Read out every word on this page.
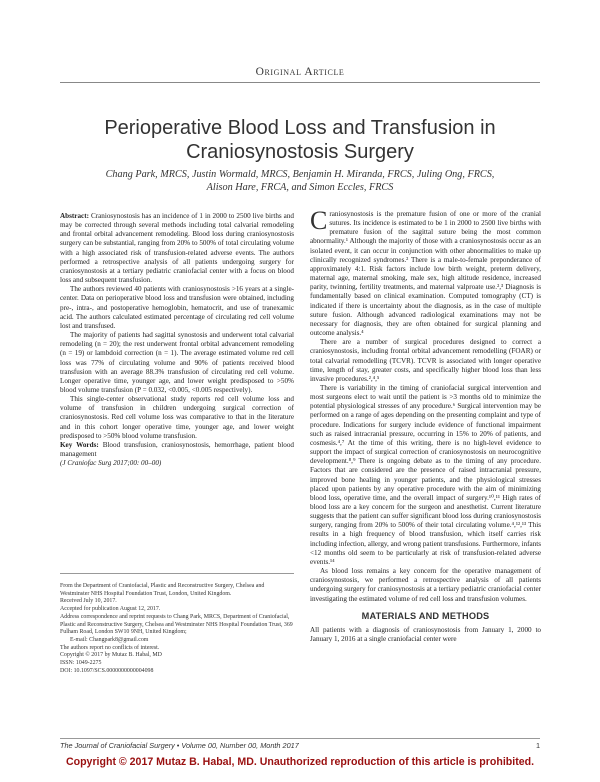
Original Article
Perioperative Blood Loss and Transfusion in
Craniosynostosis Surgery
Chang Park, MRCS, Justin Wormald, MRCS, Benjamin H. Miranda, FRCS, Juling Ong, FRCS,
Alison Hare, FRCA, and Simon Eccles, FRCS

Abstract: Craniosynostosis has an incidence of 1 in 2000 to 2500 live births and may be corrected through several methods including total calvarial remodeling and frontal orbital advancement remodeling. Blood loss during craniosynostosis surgery can be substantial, ranging from 20% to 500% of total circulating volume with a high associated risk of transfusion-related adverse events. The authors performed a retrospective analysis of all patients undergoing surgery for craniosynostosis at a tertiary pediatric craniofacial center with a focus on blood loss and subsequent transfusion.

The authors reviewed 40 patients with craniosynostosis >16 years at a single-center. Data on perioperative blood loss and transfusion were obtained, including pre-, intra-, and postoperative hemoglobin, hematocrit, and use of tranexamic acid. The authors calculated estimated percentage of circulating red cell volume lost and transfused.

The majority of patients had sagittal synostosis and underwent total calvarial remodeling (n = 20); the rest underwent frontal orbital advancement remodeling (n = 19) or lambdoid correction (n = 1). The average estimated volume red cell loss was 77% of circulating volume and 90% of patients received blood transfusion with an average 88.3% transfusion of circulating red cell volume. Longer operative time, younger age, and lower weight predisposed to >50% blood volume transfusion (P = 0.032, <0.005, <0.005 respectively).

This single-center observational study reports red cell volume loss and volume of transfusion in children undergoing surgical correction of craniosynostosis. Red cell volume loss was comparative to that in the literature and in this cohort longer operative time, younger age, and lower weight predisposed to >50% blood volume transfusion.

Key Words: Blood transfusion, craniosynostosis, hemorrhage, patient blood management

(J Craniofac Surg 2017;00: 00–00)

From the Department of Craniofacial, Plastic and Reconstructive Surgery, Chelsea and Westminster NHS Hospital Foundation Trust, London, United Kingdom.

Received July 10, 2017.

Accepted for publication August 12, 2017.

Address correspondence and reprint requests to Chang Park, MRCS, Department of Craniofacial, Plastic and Reconstructive Surgery, Chelsea and Westminster NHS Hospital Foundation Trust, 369 Fulham Road, London SW10 9NH, United Kingdom;

E-mail: Changpark8@gmail.com

The authors report no conflicts of interest.

Copyright © 2017 by Mutaz B. Habal, MD

ISSN: 1049-2275

DOI: 10.1097/SCS.0000000000004098

C raniosynostosis is the premature fusion of one or more of the cranial sutures. Its incidence is estimated to be 1 in 2000 to 2500 live births with premature fusion of the sagittal suture being the most common abnormality.¹ Although the majority of those with a craniosynostosis occur as an isolated event, it can occur in conjunction with other abnormalities to make up clinically recognized syndromes.² There is a male-to-female preponderance of approximately 4:1. Risk factors include low birth weight, preterm delivery, maternal age, maternal smoking, male sex, high altitude residence, increased parity, twinning, fertility treatments, and maternal valproate use.²,³ Diagnosis is fundamentally based on clinical examination. Computed tomography (CT) is indicated if there is uncertainty about the diagnosis, as in the case of multiple suture fusion. Although advanced radiological examinations may not be necessary for diagnosis, they are often obtained for surgical planning and outcome analysis.⁴

There are a number of surgical procedures designed to correct a craniosynostosis, including frontal orbital advancement remodelling (FOAR) or total calvarial remodelling (TCVR). TCVR is associated with longer operative time, length of stay, greater costs, and specifically higher blood loss than less invasive procedures.²,⁴,⁵

There is variability in the timing of craniofacial surgical intervention and most surgeons elect to wait until the patient is >3 months old to minimize the potential physiological stresses of any procedure.⁶ Surgical intervention may be performed on a range of ages depending on the presenting complaint and type of procedure. Indications for surgery include evidence of functional impairment such as raised intracranial pressure, occurring in 15% to 20% of patients, and cosmesis.⁴,⁷ At the time of this writing, there is no high-level evidence to support the impact of surgical correction of craniosynostosis on neurocognitive development.⁸,⁹ There is ongoing debate as to the timing of any procedure. Factors that are considered are the presence of raised intracranial pressure, improved bone healing in younger patients, and the physiological stresses placed upon patients by any operative procedure with the aim of minimizing blood loss, operative time, and the overall impact of surgery.¹⁰,¹¹ High rates of blood loss are a key concern for the surgeon and anesthetist. Current literature suggests that the patient can suffer significant blood loss during craniosynostosis surgery, ranging from 20% to 500% of their total circulating volume.⁴,¹²,¹³ This results in a high frequency of blood transfusion, which itself carries risk including infection, allergy, and wrong patient transfusions. Furthermore, infants <12 months old seem to be particularly at risk of transfusion-related adverse events.¹⁴

As blood loss remains a key concern for the operative management of craniosynostosis, we performed a retrospective analysis of all patients undergoing surgery for craniosynostosis at a tertiary pediatric craniofacial center investigating the estimated volume of red cell loss and transfusion volumes.

MATERIALS AND METHODS

All patients with a diagnosis of craniosynostosis from January 1, 2000 to January 1, 2016 at a single craniofacial center were

The Journal of Craniofacial Surgery • Volume 00, Number 00, Month 2017	1
Copyright © 2017 Mutaz B. Habal, MD. Unauthorized reproduction of this article is prohibited.
